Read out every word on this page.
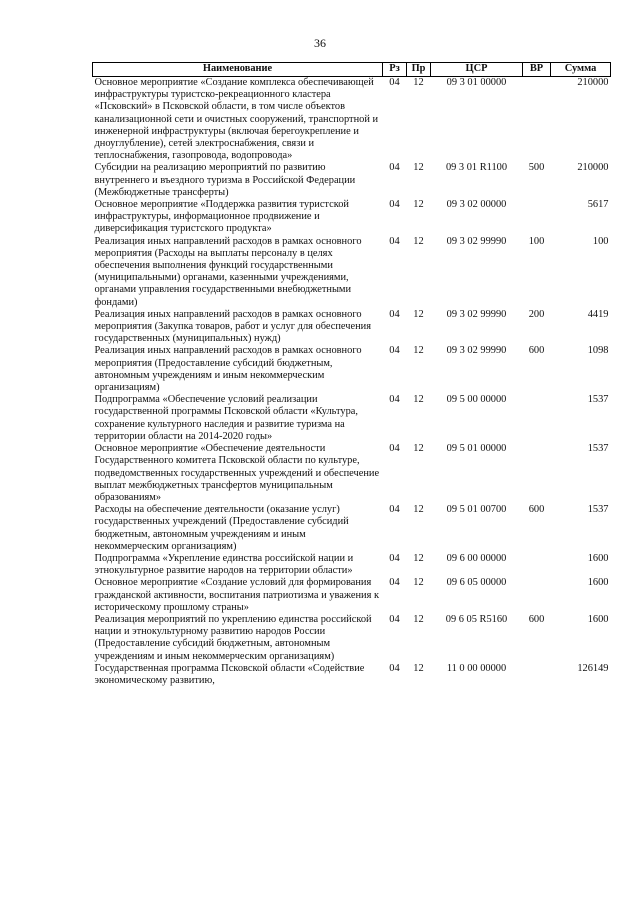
36
Наименование	Рз	Пр	ЦСР	ВР	Сумма
Основное мероприятие «Создание комплекса обеспечивающей инфраструктуры туристско-рекреационного кластера «Псковский» в Псковской области, в том числе объектов канализационной сети и очистных сооружений, транспортной и инженерной инфраструктуры (включая берегоукрепление и дноуглубление), сетей электроснабжения, связи и теплоснабжения, газопровода, водопровода»	04	12	09 3 01 00000		210000
Субсидии на реализацию мероприятий по развитию внутреннего и въездного туризма в Российской Федерации (Межбюджетные трансферты)	04	12	09 3 01 R1100	500	210000
Основное мероприятие «Поддержка развития туристской инфраструктуры, информационное продвижение и диверсификация туристского продукта»	04	12	09 3 02 00000		5617
Реализация иных направлений расходов в рамках основного мероприятия (Расходы на выплаты персоналу в целях обеспечения выполнения функций государственными (муниципальными) органами, казенными учреждениями, органами управления государственными внебюджетными фондами)	04	12	09 3 02 99990	100	100
Реализация иных направлений расходов в рамках основного мероприятия (Закупка товаров, работ и услуг для обеспечения государственных (муниципальных) нужд)	04	12	09 3 02 99990	200	4419
Реализация иных направлений расходов в рамках основного мероприятия (Предоставление субсидий бюджетным, автономным учреждениям и иным некоммерческим организациям)	04	12	09 3 02 99990	600	1098
Подпрограмма «Обеспечение условий реализации государственной программы Псковской области «Культура, сохранение культурного наследия и развитие туризма на территории области на 2014-2020 годы»	04	12	09 5 00 00000		1537
Основное мероприятие «Обеспечение деятельности Государственного комитета Псковской области по культуре, подведомственных государственных учреждений и обеспечение выплат межбюджетных трансфертов муниципальным образованиям»	04	12	09 5 01 00000		1537
Расходы на обеспечение деятельности (оказание услуг) государственных учреждений (Предоставление субсидий бюджетным, автономным учреждениям и иным некоммерческим организациям)	04	12	09 5 01 00700	600	1537
Подпрограмма «Укрепление единства российской нации и этнокультурное развитие народов на территории области»	04	12	09 6 00 00000		1600
Основное мероприятие «Создание условий для формирования гражданской активности, воспитания патриотизма и уважения к историческому прошлому страны»	04	12	09 6 05 00000		1600
Реализация мероприятий по укреплению единства российской нации и этнокультурному развитию народов России (Предоставление субсидий бюджетным, автономным учреждениям и иным некоммерческим организациям)	04	12	09 6 05 R5160	600	1600
Государственная программа Псковской области «Содействие экономическому развитию,	04	12	11 0 00 00000		126149
